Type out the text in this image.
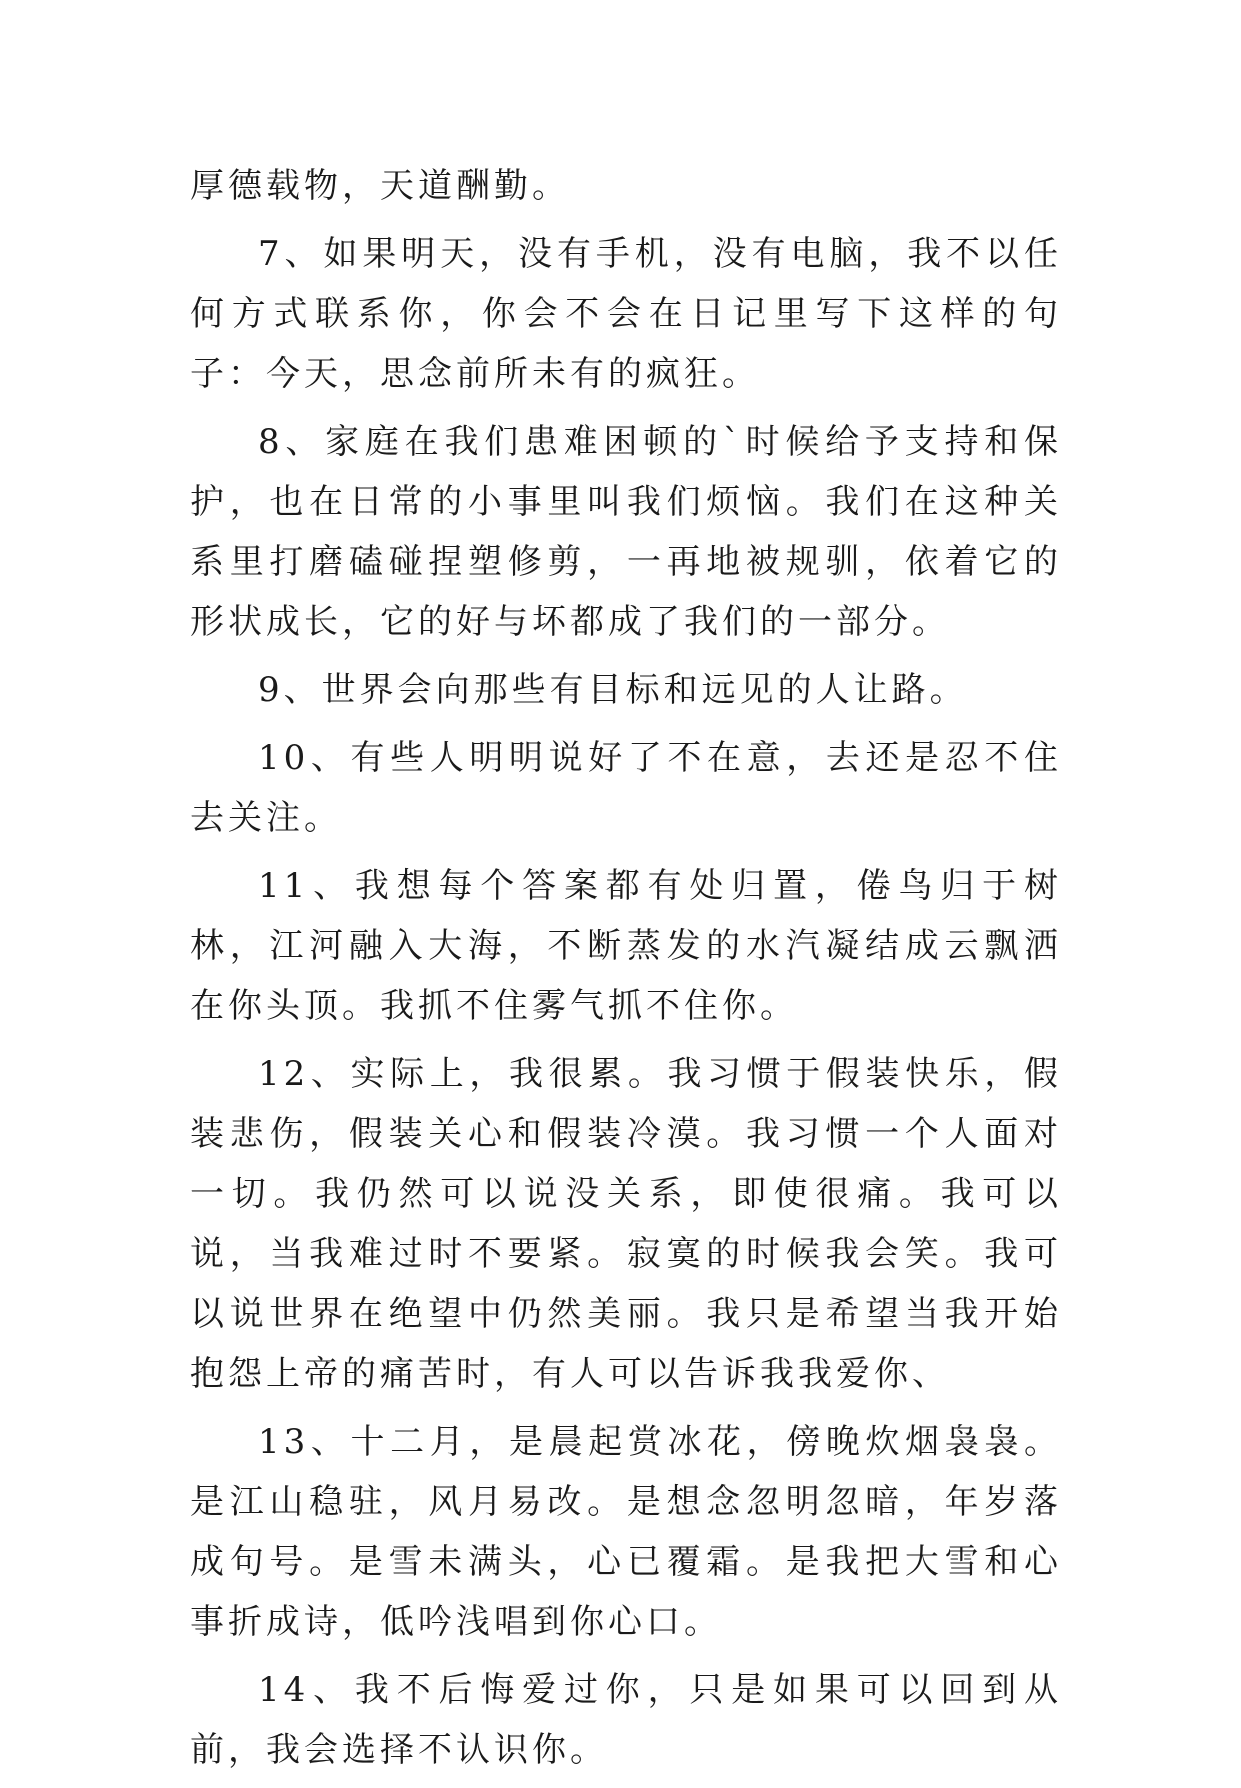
厚德载物，天道酬勤。

7、如果明天，没有手机，没有电脑，我不以任何方式联系你，你会不会在日记里写下这样的句子：今天，思念前所未有的疯狂。

8、家庭在我们患难困顿的`时候给予支持和保护，也在日常的小事里叫我们烦恼。我们在这种关系里打磨磕碰捏塑修剪，一再地被规驯，依着它的形状成长，它的好与坏都成了我们的一部分。

9、世界会向那些有目标和远见的人让路。

10、有些人明明说好了不在意，去还是忍不住去关注。

11、我想每个答案都有处归置，倦鸟归于树林，江河融入大海，不断蒸发的水汽凝结成云飘洒在你头顶。我抓不住雾气抓不住你。

12、实际上，我很累。我习惯于假装快乐，假装悲伤，假装关心和假装冷漠。我习惯一个人面对一切。我仍然可以说没关系，即使很痛。我可以说，当我难过时不要紧。寂寞的时候我会笑。我可以说世界在绝望中仍然美丽。我只是希望当我开始抱怨上帝的痛苦时，有人可以告诉我我爱你、

13、十二月，是晨起赏冰花，傍晚炊烟袅袅。是江山稳驻，风月易改。是想念忽明忽暗，年岁落成句号。是雪未满头，心已覆霜。是我把大雪和心事折成诗，低吟浅唱到你心口。

14、我不后悔爱过你，只是如果可以回到从前，我会选择不认识你。
